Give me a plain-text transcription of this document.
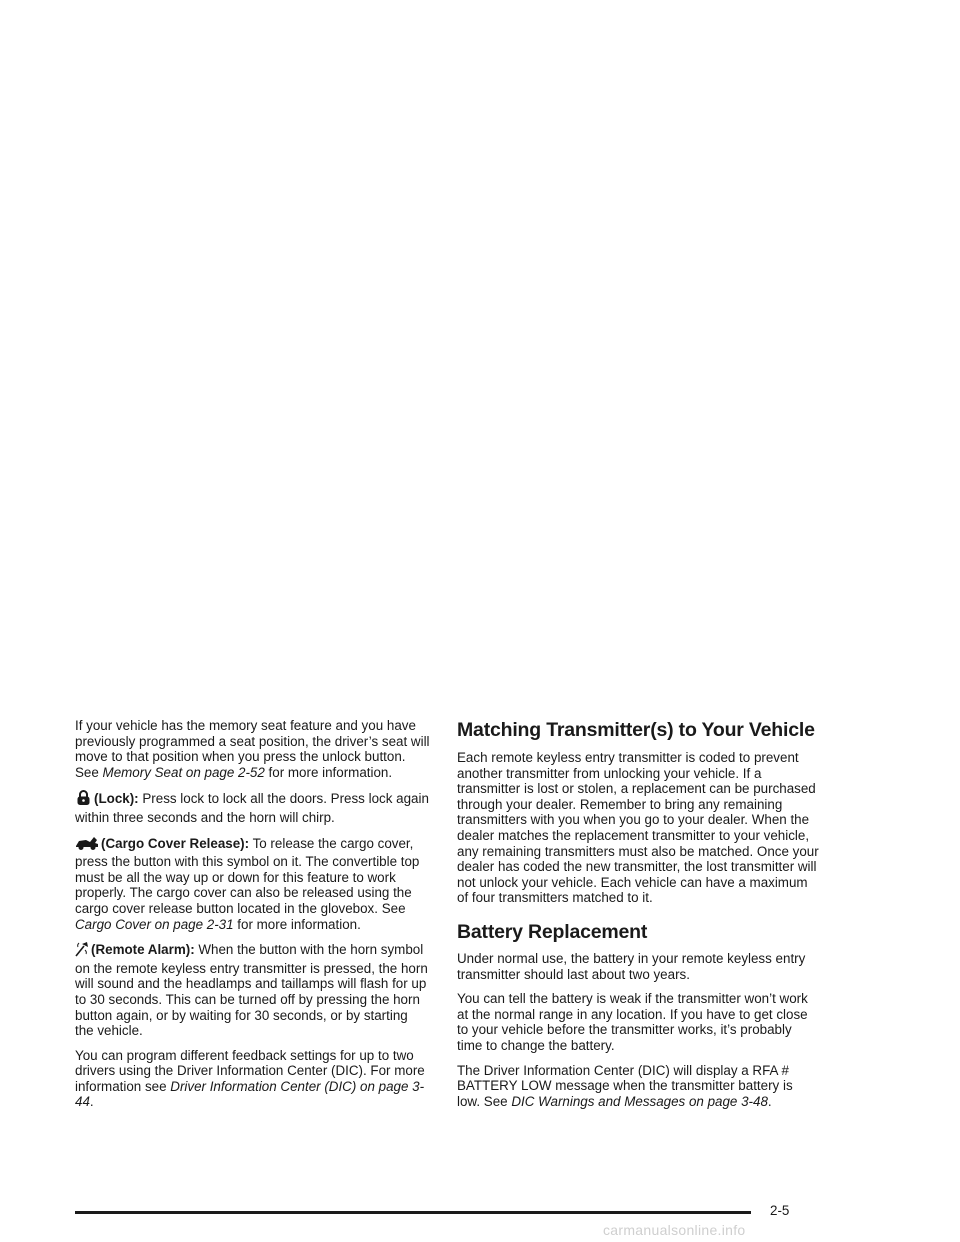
If your vehicle has the memory seat feature and you have previously programmed a seat position, the driver’s seat will move to that position when you press the unlock button. See Memory Seat on page 2-52 for more information.

(Lock): Press lock to lock all the doors. Press lock again within three seconds and the horn will chirp.

(Cargo Cover Release): To release the cargo cover, press the button with this symbol on it. The convertible top must be all the way up or down for this feature to work properly. The cargo cover can also be released using the cargo cover release button located in the glovebox. See Cargo Cover on page 2-31 for more information.

(Remote Alarm): When the button with the horn symbol on the remote keyless entry transmitter is pressed, the horn will sound and the headlamps and taillamps will flash for up to 30 seconds. This can be turned off by pressing the horn button again, or by waiting for 30 seconds, or by starting the vehicle.

You can program different feedback settings for up to two drivers using the Driver Information Center (DIC). For more information see Driver Information Center (DIC) on page 3-44.

Matching Transmitter(s) to Your Vehicle

Each remote keyless entry transmitter is coded to prevent another transmitter from unlocking your vehicle. If a transmitter is lost or stolen, a replacement can be purchased through your dealer. Remember to bring any remaining transmitters with you when you go to your dealer. When the dealer matches the replacement transmitter to your vehicle, any remaining transmitters must also be matched. Once your dealer has coded the new transmitter, the lost transmitter will not unlock your vehicle. Each vehicle can have a maximum of four transmitters matched to it.

Battery Replacement

Under normal use, the battery in your remote keyless entry transmitter should last about two years.

You can tell the battery is weak if the transmitter won’t work at the normal range in any location. If you have to get close to your vehicle before the transmitter works, it’s probably time to change the battery.

The Driver Information Center (DIC) will display a RFA # BATTERY LOW message when the transmitter battery is low. See DIC Warnings and Messages on page 3-48.

2-5
carmanualsonline.info
